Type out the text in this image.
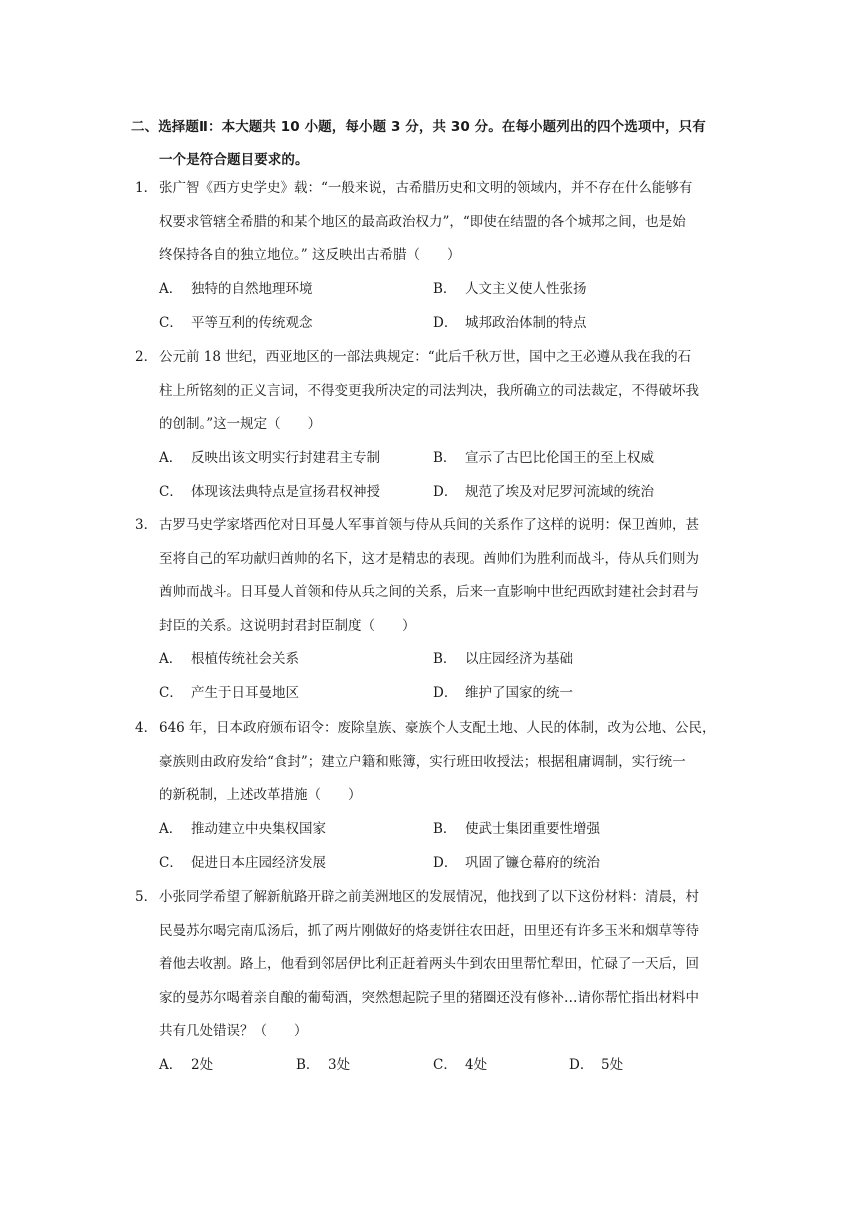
二、选择题Ⅱ：本大题共 10 小题，每小题 3 分，共 30 分。在每小题列出的四个选项中，只有
一个是符合题目要求的。
1． 张广智《西方史学史》载：“一般来说，古希腊历史和文明的领域内，并不存在什么能够有
权要求管辖全希腊的和某个地区的最高政治权力”，“即使在结盟的各个城邦之间，也是始
终保持各自的独立地位。” 这反映出古希腊（　　）
A． 独特的自然地理环境	B． 人文主义使人性张扬
C． 平等互利的传统观念	D． 城邦政治体制的特点
2． 公元前 18 世纪，西亚地区的一部法典规定：“此后千秋万世，国中之王必遵从我在我的石
柱上所铭刻的正义言词，不得变更我所决定的司法判决，我所确立的司法裁定，不得破坏我
的创制。”这一规定（　　）
A． 反映出该文明实行封建君主专制	B． 宣示了古巴比伦国王的至上权威
C． 体现该法典特点是宣扬君权神授	D． 规范了埃及对尼罗河流域的统治
3． 古罗马史学家塔西佗对日耳曼人军事首领与侍从兵间的关系作了这样的说明：保卫酋帅，甚
至将自己的军功献归酋帅的名下，这才是精忠的表现。酋帅们为胜利而战斗，侍从兵们则为
酋帅而战斗。日耳曼人首领和侍从兵之间的关系，后来一直影响中世纪西欧封建社会封君与
封臣的关系。这说明封君封臣制度（　　）
A． 根植传统社会关系	B． 以庄园经济为基础
C． 产生于日耳曼地区	D． 维护了国家的统一
4． 646 年，日本政府颁布诏令：废除皇族、豪族个人支配土地、人民的体制，改为公地、公民，
豪族则由政府发给“食封”；建立户籍和账簿，实行班田收授法；根据租庸调制，实行统一
的新税制，上述改革措施（　　）
A． 推动建立中央集权国家	B． 使武士集团重要性增强
C． 促进日本庄园经济发展	D． 巩固了镰仓幕府的统治
5． 小张同学希望了解新航路开辟之前美洲地区的发展情况，他找到了以下这份材料：清晨，村
民曼苏尔喝完南瓜汤后，抓了两片刚做好的烙麦饼往农田赶，田里还有许多玉米和烟草等待
着他去收割。路上，他看到邻居伊比利正赶着两头牛到农田里帮忙犁田，忙碌了一天后，回
家的曼苏尔喝着亲自酿的葡萄酒，突然想起院子里的猪圈还没有修补…请你帮忙指出材料中
共有几处错误？（　　）
A． 2处	B． 3处	C． 4处	D． 5处
